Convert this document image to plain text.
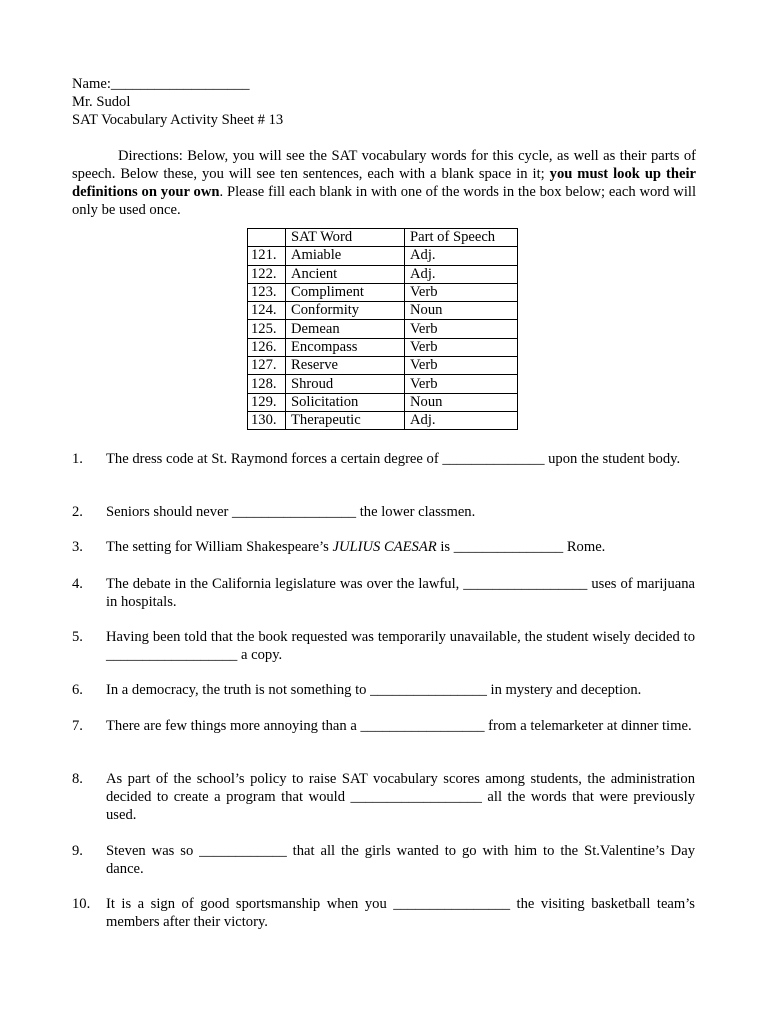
Name:___________________
Mr. Sudol
SAT Vocabulary Activity Sheet # 13
Directions: Below, you will see the SAT vocabulary words for this cycle, as well as their parts of speech. Below these, you will see ten sentences, each with a blank space in it; you must look up their definitions on your own. Please fill each blank in with one of the words in the box below; each word will only be used once.
	SAT Word	Part of Speech
121.	Amiable	Adj.
122.	Ancient	Adj.
123.	Compliment	Verb
124.	Conformity	Noun
125.	Demean	Verb
126.	Encompass	Verb
127.	Reserve	Verb
128.	Shroud	Verb
129.	Solicitation	Noun
130.	Therapeutic	Adj.
1. The dress code at St. Raymond forces a certain degree of ______________ upon the student body.
2. Seniors should never _________________ the lower classmen.
3. The setting for William Shakespeare’s JULIUS CAESAR is _______________ Rome.
4. The debate in the California legislature was over the lawful, _________________ uses of marijuana in hospitals.
5. Having been told that the book requested was temporarily unavailable, the student wisely decided to __________________ a copy.
6. In a democracy, the truth is not something to ________________ in mystery and deception.
7. There are few things more annoying than a _________________ from a telemarketer at dinner time.
8. As part of the school’s policy to raise SAT vocabulary scores among students, the administration decided to create a program that would __________________ all the words that were previously used.
9. Steven was so ____________ that all the girls wanted to go with him to the St.Valentine’s Day dance.
10. It is a sign of good sportsmanship when you ________________ the visiting basketball team’s members after their victory.
